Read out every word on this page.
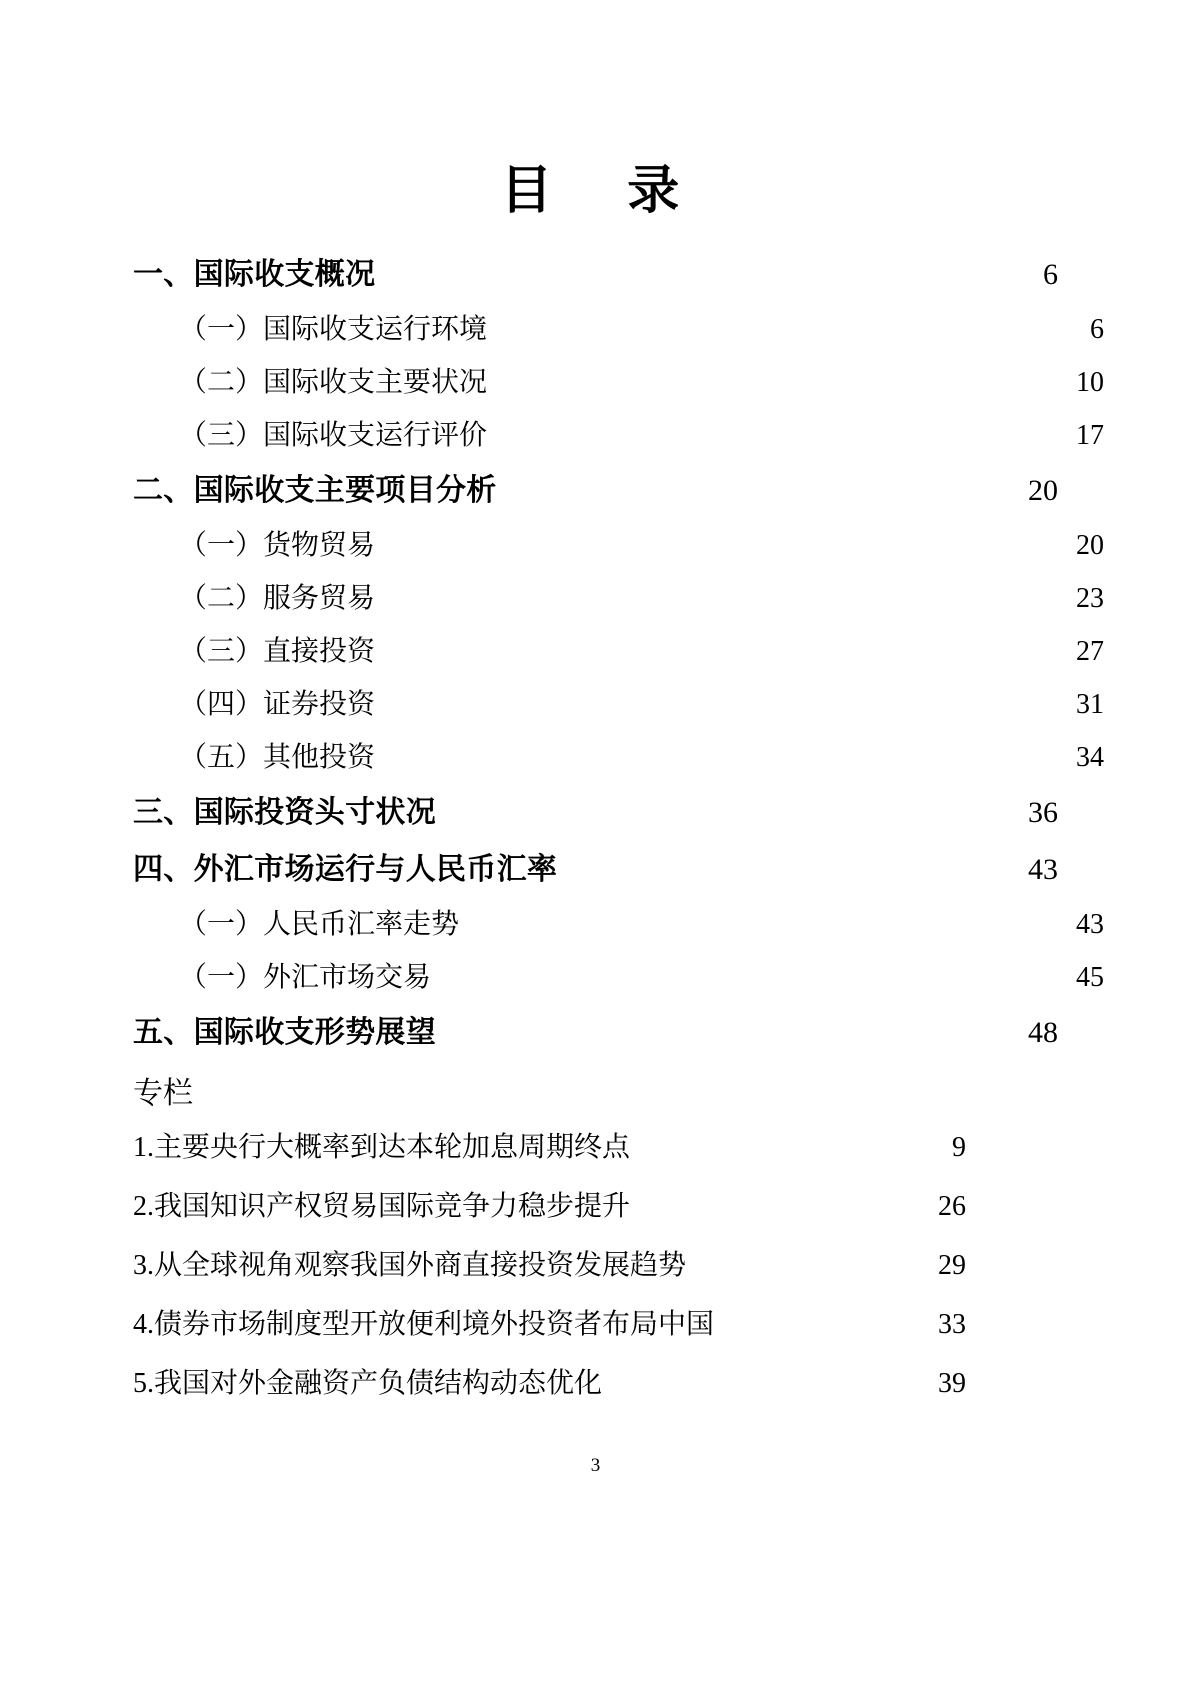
目　录
一、国际收支概况 .....	6
（一）国际收支运行环境 .....	6
（二）国际收支主要状况 .....	10
（三）国际收支运行评价 .....	17
二、国际收支主要项目分析 .....	20
（一）货物贸易 .....	20
（二）服务贸易 .....	23
（三）直接投资 .....	27
（四）证券投资 .....	31
（五）其他投资 .....	34
三、国际投资头寸状况 .....	36
四、外汇市场运行与人民币汇率 .....	43
（一）人民币汇率走势 .....	43
（一）外汇市场交易 .....	45
五、国际收支形势展望 .....	48
专栏
1.主要央行大概率到达本轮加息周期终点 .....	9
2.我国知识产权贸易国际竞争力稳步提升 .....	26
3.从全球视角观察我国外商直接投资发展趋势 .....	29
4.债券市场制度型开放便利境外投资者布局中国 .....	33
5.我国对外金融资产负债结构动态优化 .....	39
3
